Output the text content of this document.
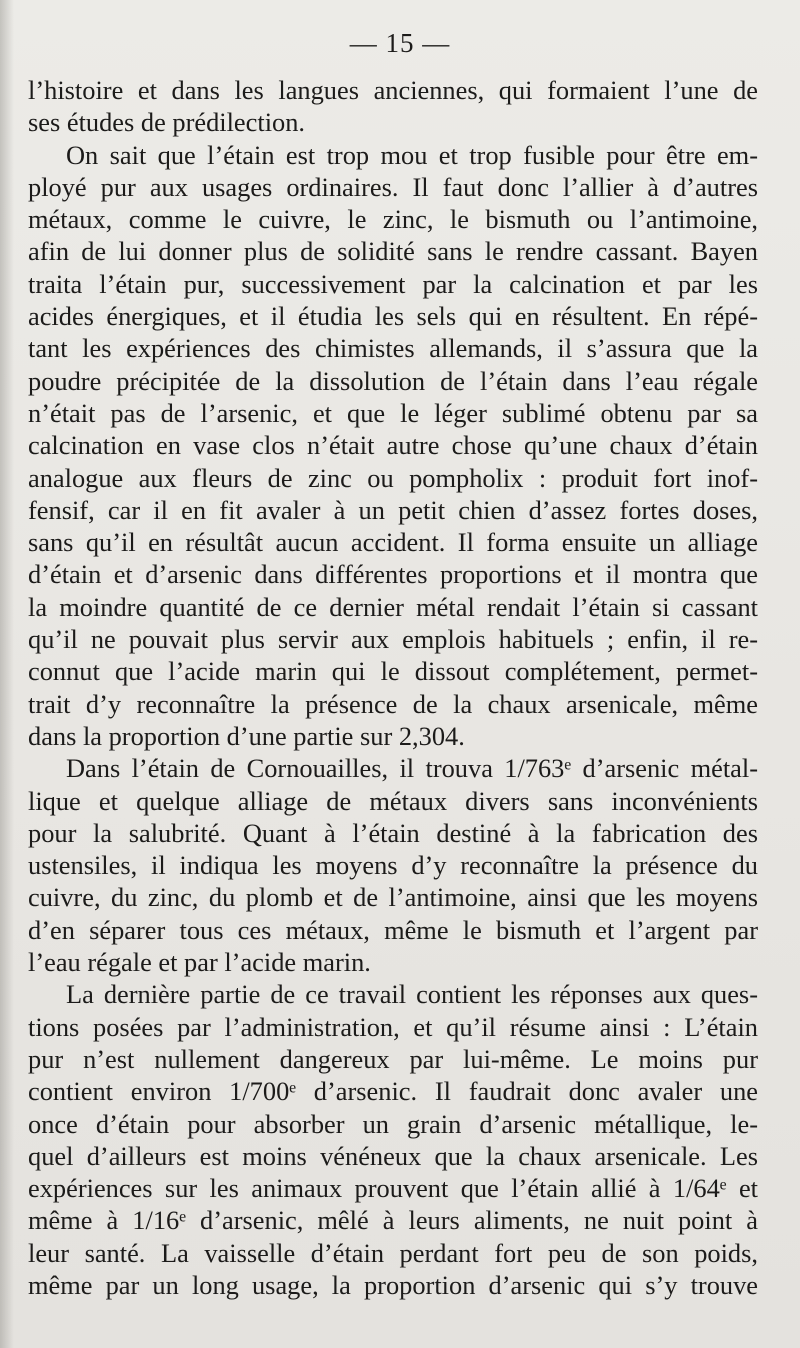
— 15 —
l’histoire et dans les langues anciennes, qui formaient l’une de
ses études de prédilection.
On sait que l’étain est trop mou et trop fusible pour être em-
ployé pur aux usages ordinaires. Il faut donc l’allier à d’autres
métaux, comme le cuivre, le zinc, le bismuth ou l’antimoine,
afin de lui donner plus de solidité sans le rendre cassant. Bayen
traita l’étain pur, successivement par la calcination et par les
acides énergiques, et il étudia les sels qui en résultent. En répé-
tant les expériences des chimistes allemands, il s’assura que la
poudre précipitée de la dissolution de l’étain dans l’eau régale
n’était pas de l’arsenic, et que le léger sublimé obtenu par sa
calcination en vase clos n’était autre chose qu’une chaux d’étain
analogue aux fleurs de zinc ou pompholix : produit fort inof-
fensif, car il en fit avaler à un petit chien d’assez fortes doses,
sans qu’il en résultât aucun accident. Il forma ensuite un alliage
d’étain et d’arsenic dans différentes proportions et il montra que
la moindre quantité de ce dernier métal rendait l’étain si cassant
qu’il ne pouvait plus servir aux emplois habituels ; enfin, il re-
connut que l’acide marin qui le dissout complétement, permet-
trait d’y reconnaître la présence de la chaux arsenicale, même
dans la proportion d’une partie sur 2,304.
Dans l’étain de Cornouailles, il trouva 1/763ᵉ d’arsenic métal-
lique et quelque alliage de métaux divers sans inconvénients
pour la salubrité. Quant à l’étain destiné à la fabrication des
ustensiles, il indiqua les moyens d’y reconnaître la présence du
cuivre, du zinc, du plomb et de l’antimoine, ainsi que les moyens
d’en séparer tous ces métaux, même le bismuth et l’argent par
l’eau régale et par l’acide marin.
La dernière partie de ce travail contient les réponses aux ques-
tions posées par l’administration, et qu’il résume ainsi : L’étain
pur n’est nullement dangereux par lui-même. Le moins pur
contient environ 1/700ᵉ d’arsenic. Il faudrait donc avaler une
once d’étain pour absorber un grain d’arsenic métallique, le-
quel d’ailleurs est moins vénéneux que la chaux arsenicale. Les
expériences sur les animaux prouvent que l’étain allié à 1/64ᵉ et
même à 1/16ᵉ d’arsenic, mêlé à leurs aliments, ne nuit point à
leur santé. La vaisselle d’étain perdant fort peu de son poids,
même par un long usage, la proportion d’arsenic qui s’y trouve
